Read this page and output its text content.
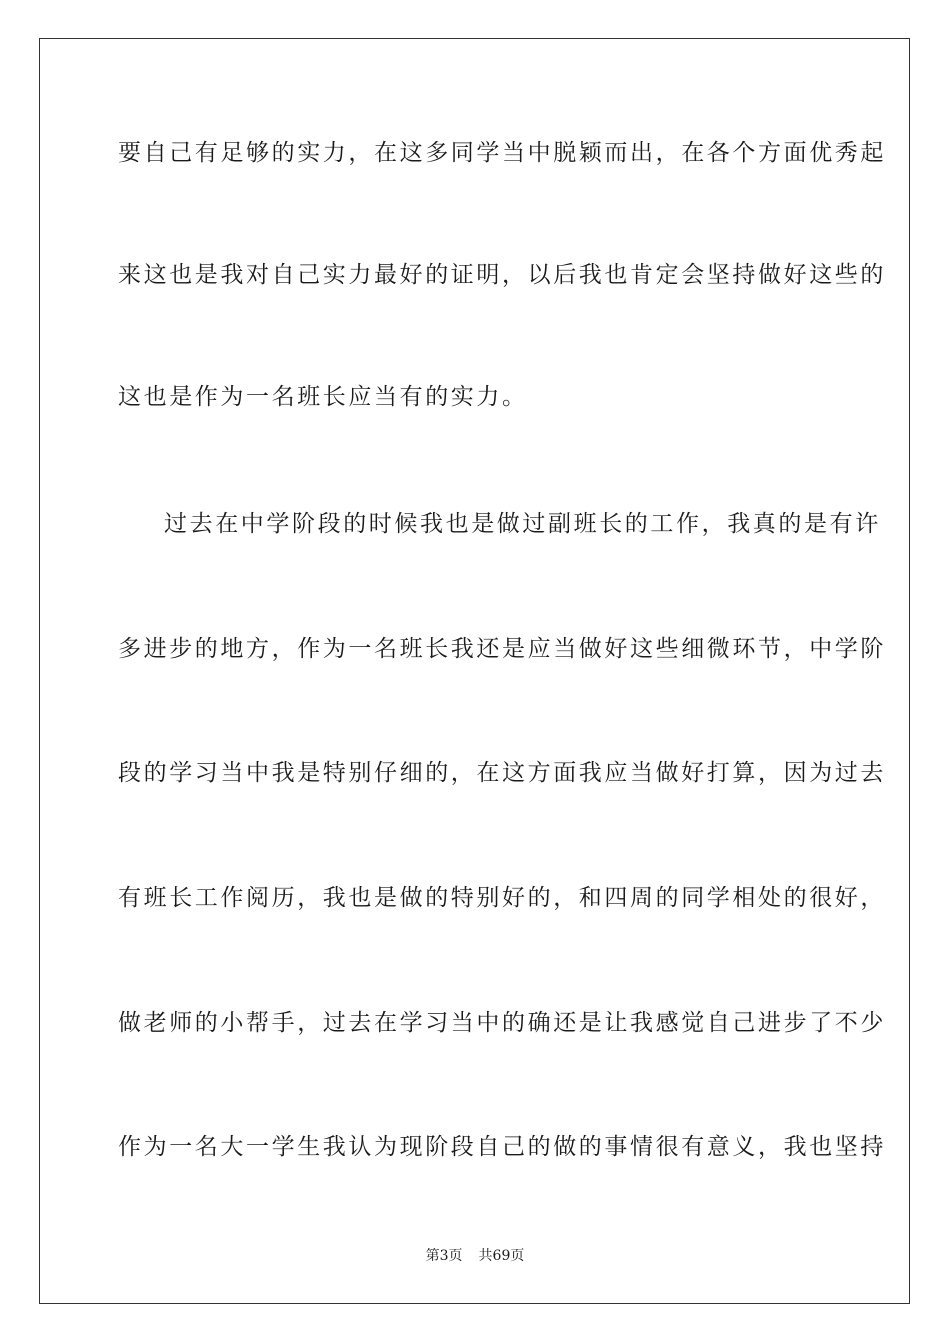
要自己有足够的实力，在这多同学当中脱颖而出，在各个方面优秀起
来这也是我对自己实力最好的证明，以后我也肯定会坚持做好这些的
这也是作为一名班长应当有的实力。
过去在中学阶段的时候我也是做过副班长的工作，我真的是有许
多进步的地方，作为一名班长我还是应当做好这些细微环节，中学阶
段的学习当中我是特别仔细的，在这方面我应当做好打算，因为过去
有班长工作阅历，我也是做的特别好的，和四周的同学相处的很好，
做老师的小帮手，过去在学习当中的确还是让我感觉自己进步了不少
作为一名大一学生我认为现阶段自己的做的事情很有意义，我也坚持
第3页 共69页
